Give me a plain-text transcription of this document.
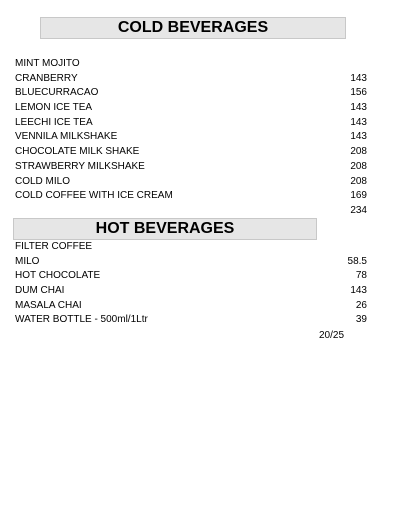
COLD BEVERAGES
MINT MOJITO
CRANBERRY	143
BLUECURRACAO	156
LEMON ICE TEA	143
LEECHI ICE TEA	143
VENNILA MILKSHAKE	143
CHOCOLATE MILK SHAKE	208
STRAWBERRY MILKSHAKE	208
COLD MILO	208
COLD COFFEE WITH ICE CREAM	169
234
HOT BEVERAGES
FILTER COFFEE
MILO	58.5
HOT CHOCOLATE	78
DUM CHAI	143
MASALA CHAI	26
WATER BOTTLE - 500ml/1Ltr	39
20/25
